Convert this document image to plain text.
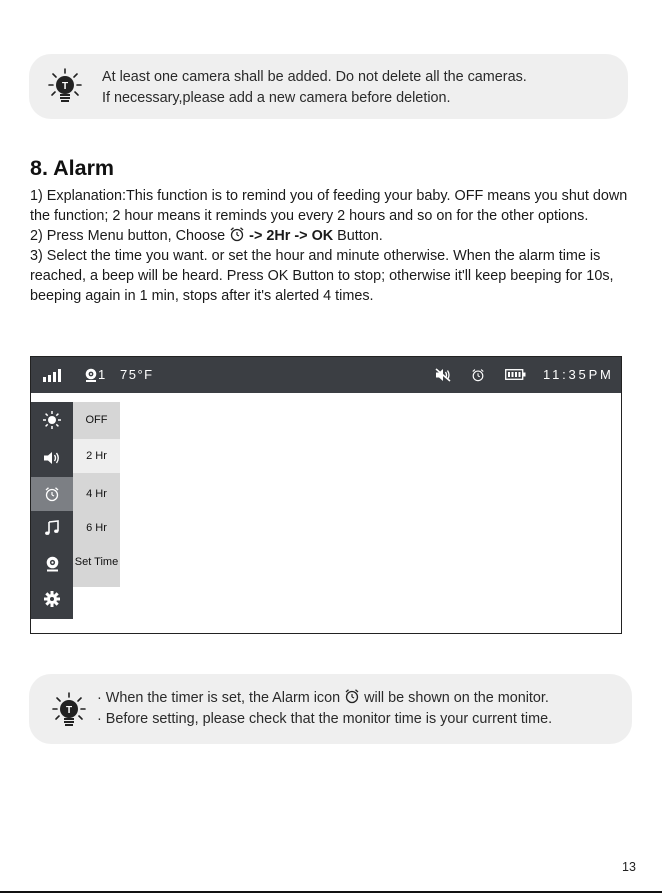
T
At least one camera shall be added. Do not delete all the cameras.
If necessary,please add a new camera before deletion.
8. Alarm

1) Explanation:This function is to remind you of feeding your baby. OFF means you shut down the function; 2 hour means it reminds you every 2 hours and so on for the other options.

2) Press Menu button, Choose  -> 2Hr -> OK Button.

3) Select the time you want. or set the hour and minute otherwise. When the alarm time is reached, a beep will be heard. Press OK Button to stop; otherwise it'll keep beeping for 10s, beeping again in 1 min, stops after it's alerted 4 times.

1 75°F	11:35PM
OFF
2 Hr
4 Hr
6 Hr
Set Time
T
· When the timer is set, the Alarm icon  will be shown on the monitor.
· Before setting, please check that the monitor time is your current time.
13
